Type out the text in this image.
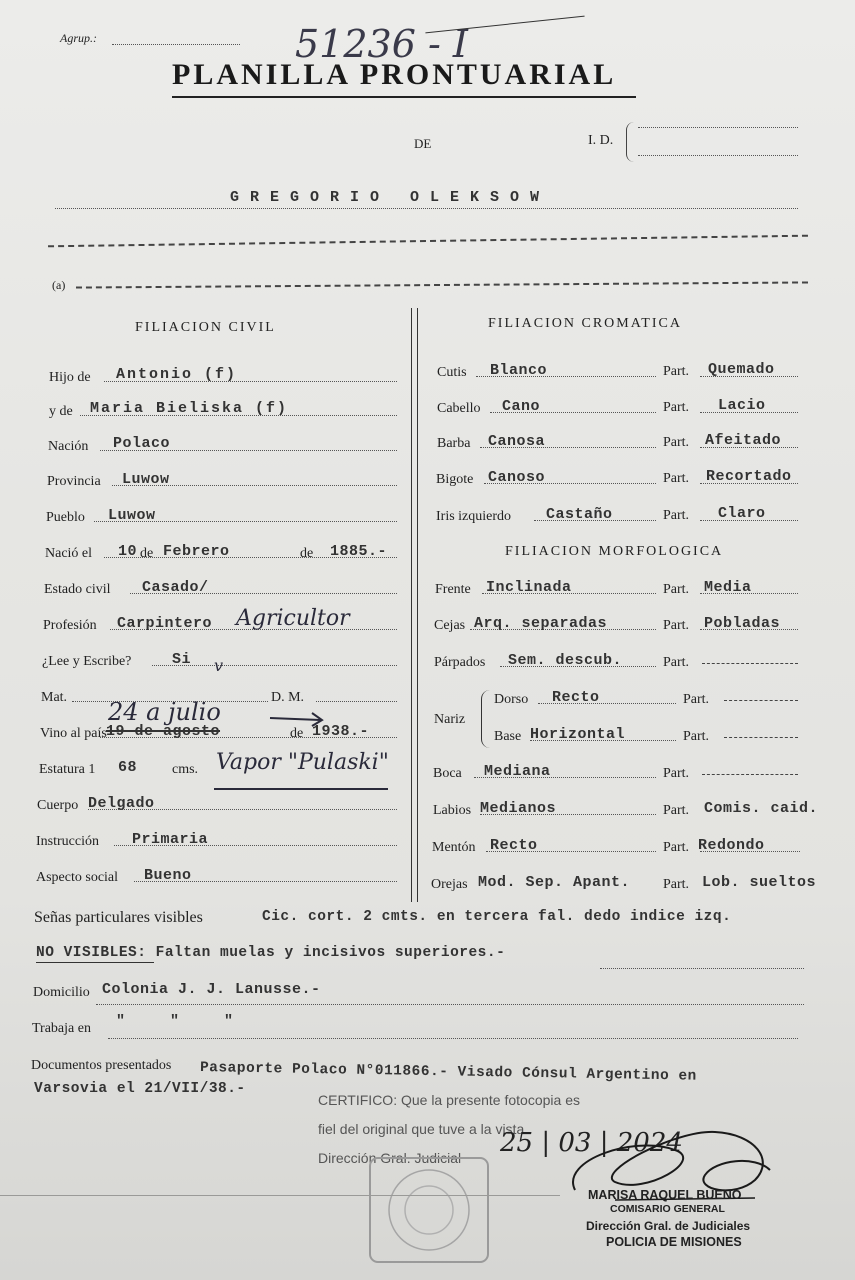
Agrup.:	51236 - I
PLANILLA PRONTUARIAL
DE	I. D.
GREGORIO OLEKSOW
(a)
FILIACION CIVIL
Hijo de Antonio (f)
y de Maria Bieliska (f)
Nación Polaco
Provincia Luwow
Pueblo Luwow
Nació el 10 de Febrero	de 1885.-
Estado civil Casado/
Profesión Carpintero Agricultor
¿Lee y Escribe?	Si v
Mat.	D. M.
24 a julio
Vino al país 19 de agosto	de 1938.-
Estatura 1 68 cms. Vapor "Pulaski"
Cuerpo Delgado
Instrucción Primaria
Aspecto social Bueno
FILIACION CROMATICA
Cutis Blanco	Part. Quemado
Cabello Cano	Part. Lacio
Barba Canosa	Part. Afeitado
Bigote Canoso	Part. Recortado
Iris izquierdo Castaño	Part. Claro
FILIACION MORFOLOGICA
Frente Inclinada	Part. Media
Cejas Arq. separadas	Part. Pobladas
Párpados Sem. descub.	Part.
Nariz
Dorso Recto	Part.
Base Horizontal	Part.
Boca Mediana	Part.
Labios Medianos	Part. Comis. caid.
Mentón Recto	Part. Redondo
Orejas Mod. Sep. Apant. Part. Lob. sueltos
Señas particulares visibles	Cic. cort. 2 cmts. en tercera fal. dedo indice izq.
NO VISIBLES: Faltan muelas y incisivos superiores.-
Domicilio Colonia J. J. Lanusse.-
Trabaja en " " "
Documentos presentados Pasaporte Polaco N°011866.- Visado Cónsul Argentino en
Varsovia el 21/VII/38.-
CERTIFICO: Que la presente fotocopia es
fiel del original que tuve a la vista
Dirección Gral. Judicial 25 | 03 | 2024
MARISA RAQUEL BUENO
COMISARIO GENERAL
Dirección Gral. de Judiciales
POLICIA DE MISIONES
